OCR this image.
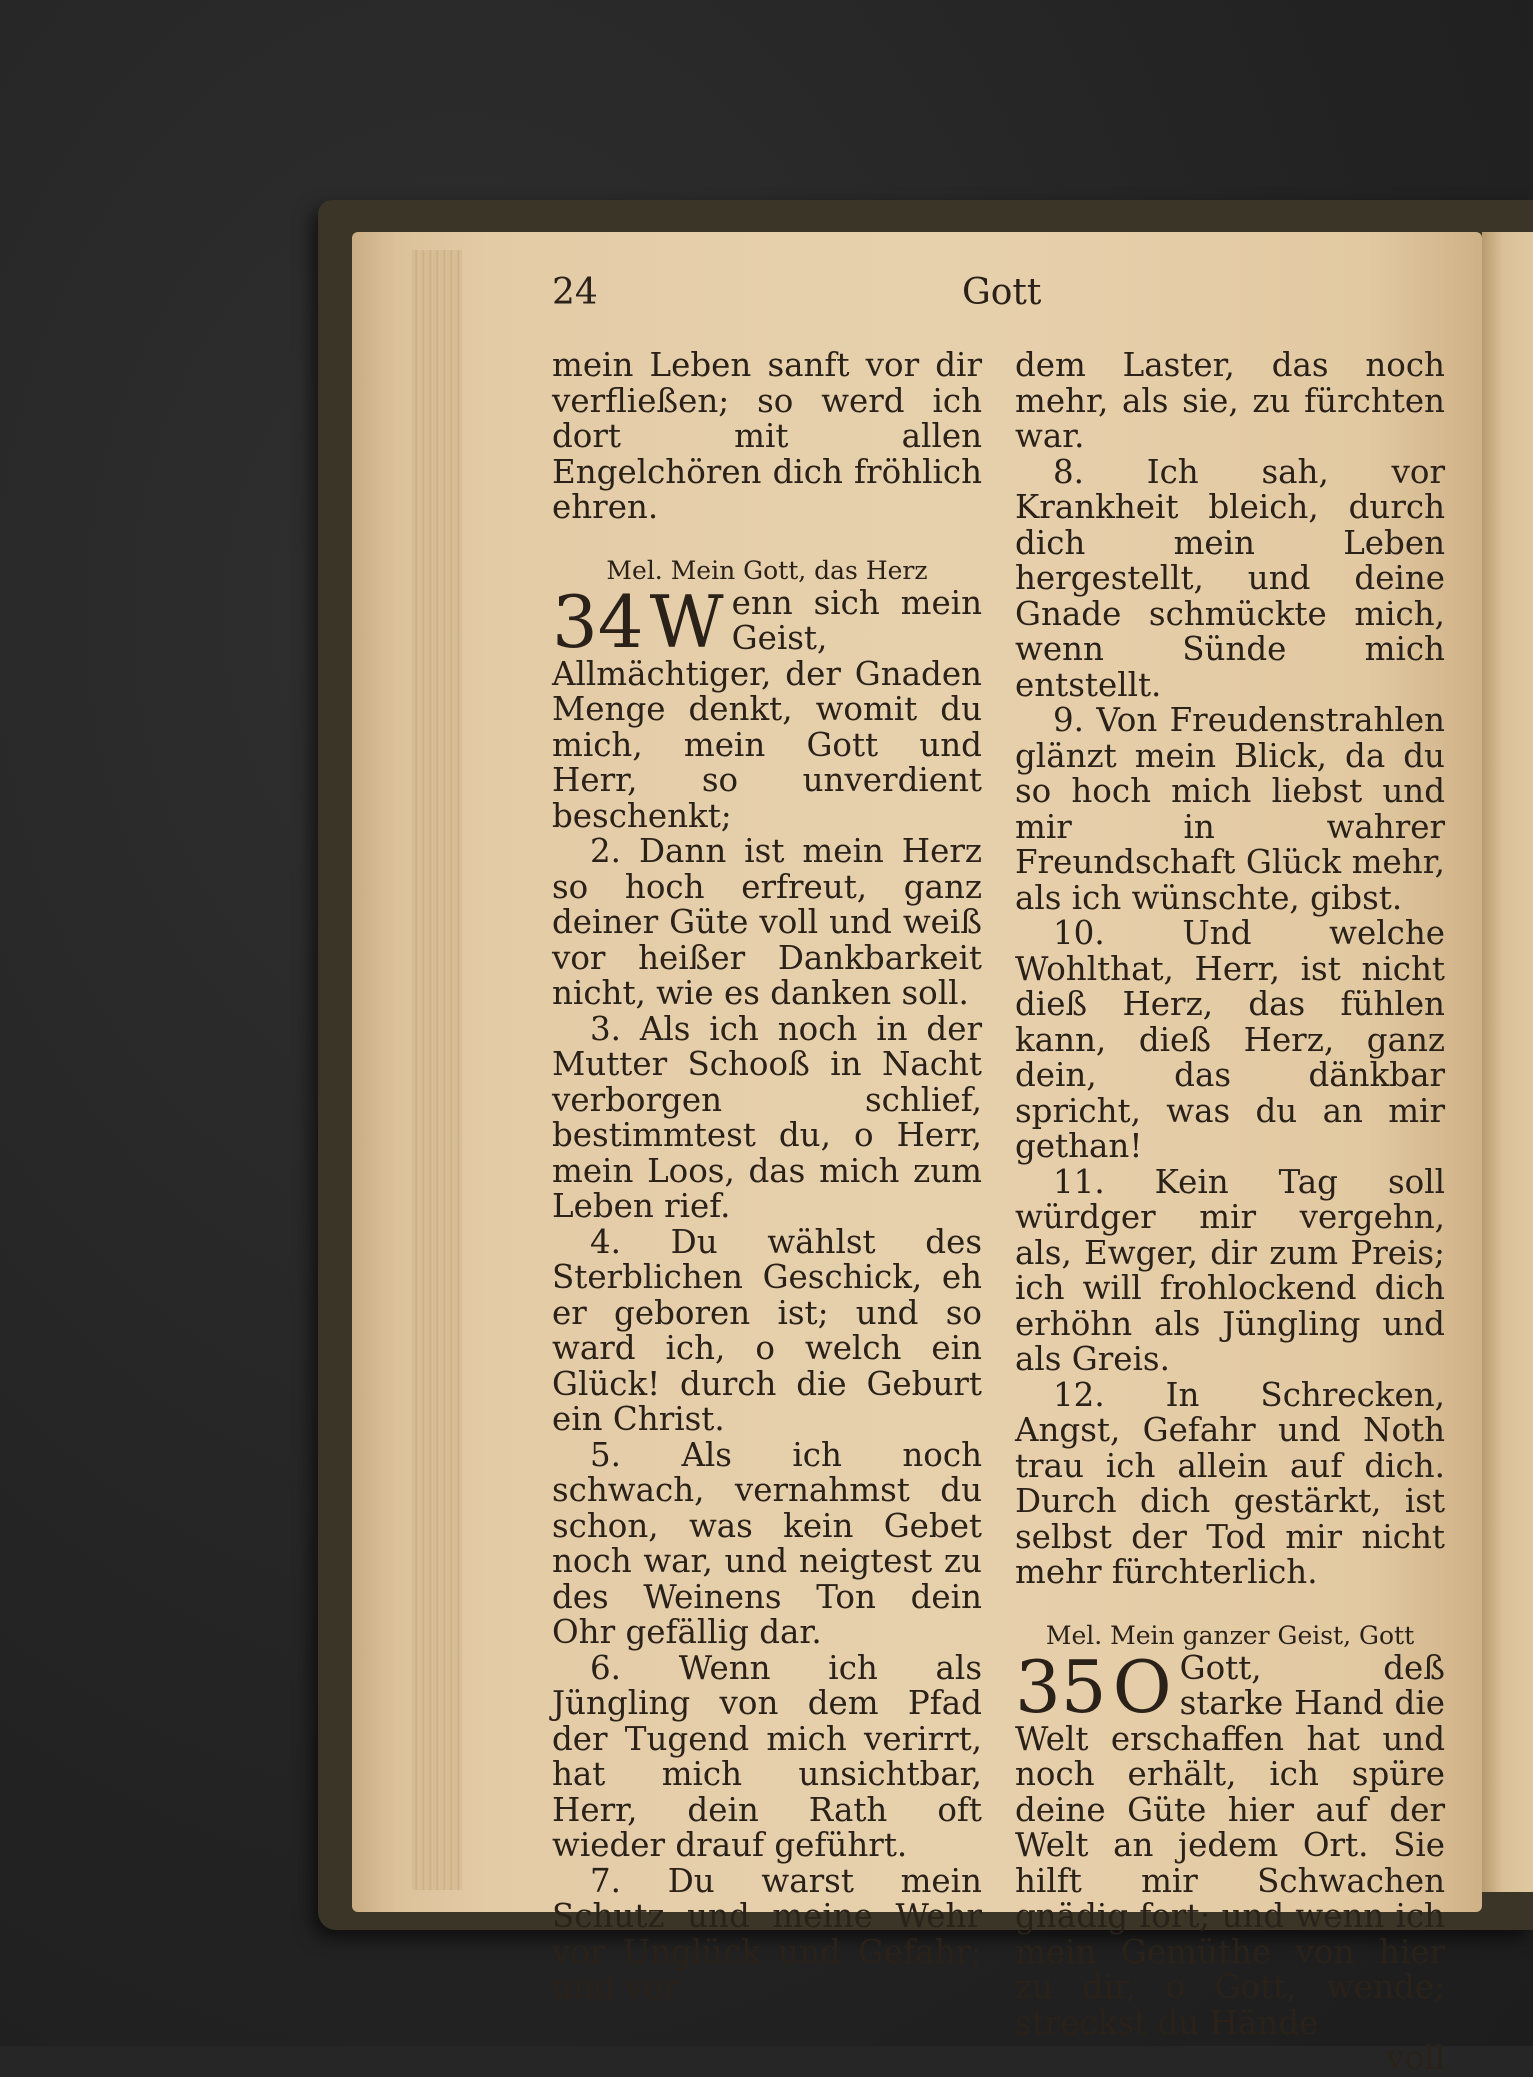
24	Gott

mein Leben sanft vor dir verfließen; so werd ich dort mit allen Engelchören dich fröhlich ehren.

Mel. Mein Gott, das Herz

34 W enn sich mein Geist, Allmächtiger, der Gnaden Menge denkt, womit du mich, mein Gott und Herr, so unverdient beschenkt;

2. Dann ist mein Herz so hoch erfreut, ganz deiner Güte voll und weiß vor heißer Dankbarkeit nicht, wie es danken soll.

3. Als ich noch in der Mutter Schooß in Nacht verborgen schlief, bestimmtest du, o Herr, mein Loos, das mich zum Leben rief.

4. Du wählst des Sterblichen Geschick, eh er geboren ist; und so ward ich, o welch ein Glück! durch die Geburt ein Christ.

5. Als ich noch schwach, vernahmst du schon, was kein Gebet noch war, und neigtest zu des Weinens Ton dein Ohr gefällig dar.

6. Wenn ich als Jüngling von dem Pfad der Tugend mich verirrt, hat mich unsichtbar, Herr, dein Rath oft wieder drauf geführt.

7. Du warst mein Schutz und meine Wehr vor Unglück und Gefahr; und vor

dem Laster, das noch mehr, als sie, zu fürchten war.

8. Ich sah, vor Krankheit bleich, durch dich mein Leben hergestellt, und deine Gnade schmückte mich, wenn Sünde mich entstellt.

9. Von Freudenstrahlen glänzt mein Blick, da du so hoch mich liebst und mir in wahrer Freundschaft Glück mehr, als ich wünschte, gibst.

10. Und welche Wohlthat, Herr, ist nicht dieß Herz, das fühlen kann, dieß Herz, ganz dein, das dänkbar spricht, was du an mir gethan!

11. Kein Tag soll würdger mir vergehn, als, Ewger, dir zum Preis; ich will frohlockend dich erhöhn als Jüngling und als Greis.

12. In Schrecken, Angst, Gefahr und Noth trau ich allein auf dich. Durch dich gestärkt, ist selbst der Tod mir nicht mehr fürchterlich.

Mel. Mein ganzer Geist, Gott

35 O Gott, deß starke Hand die Welt erschaffen hat und noch erhält, ich spüre deine Güte hier auf der Welt an jedem Ort. Sie hilft mir Schwachen gnädig fort; und wenn ich mein Gemüthe von hier zu dir, o Gott, wende; streckst du Hände

voll
